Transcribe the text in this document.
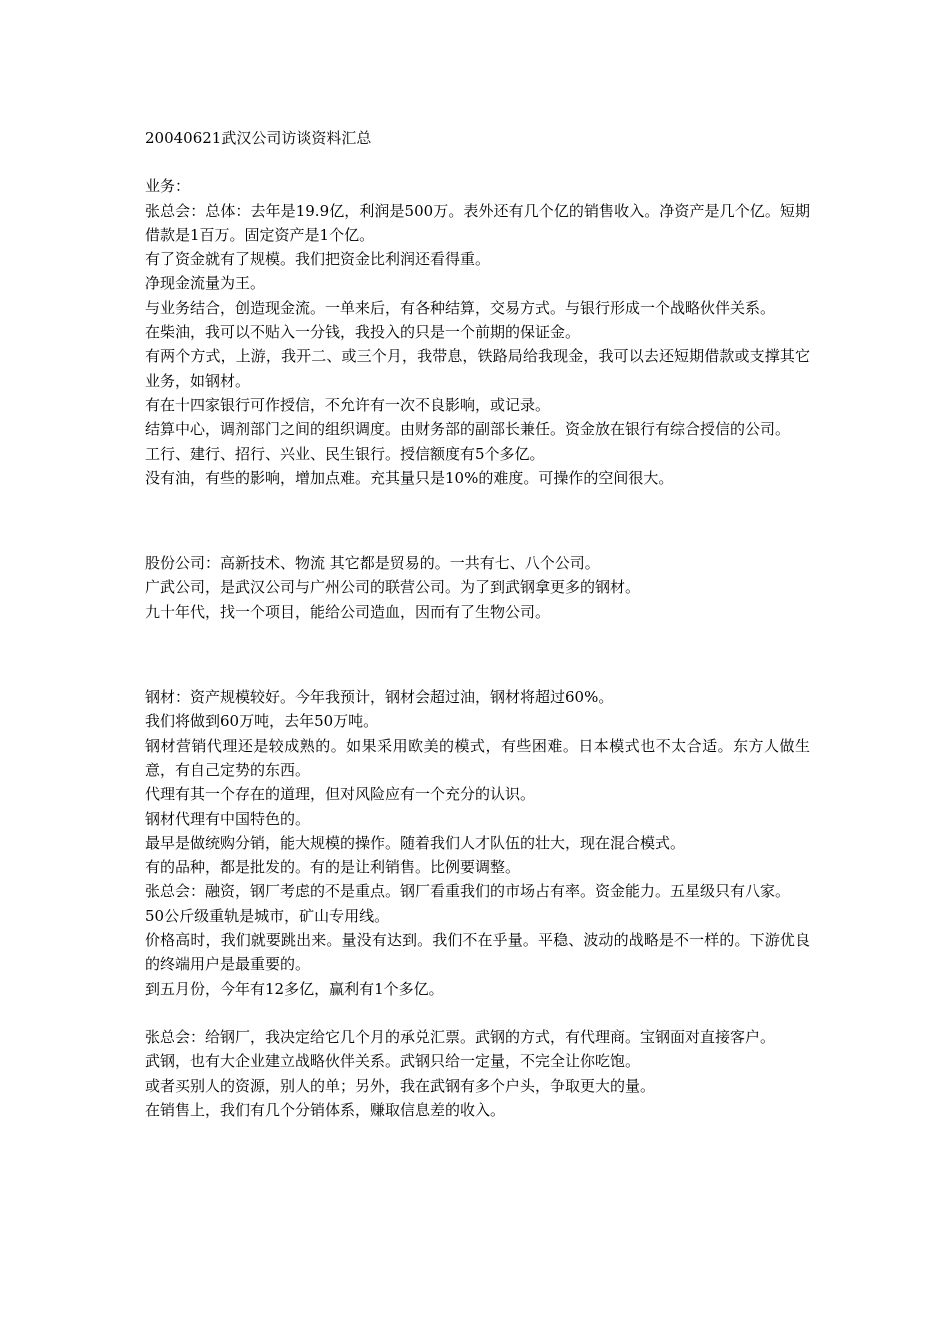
20040621武汉公司访谈资料汇总

业务：

张总会：总体：去年是19.9亿，利润是500万。表外还有几个亿的销售收入。净资产是几个亿。短期借款是1百万。固定资产是1个亿。

有了资金就有了规模。我们把资金比利润还看得重。

净现金流量为王。

与业务结合，创造现金流。一单来后，有各种结算，交易方式。与银行形成一个战略伙伴关系。

在柴油，我可以不贴入一分钱，我投入的只是一个前期的保证金。

有两个方式，上游，我开二、或三个月，我带息，铁路局给我现金，我可以去还短期借款或支撑其它业务，如钢材。

有在十四家银行可作授信，不允许有一次不良影响，或记录。

结算中心，调剂部门之间的组织调度。由财务部的副部长兼任。资金放在银行有综合授信的公司。

工行、建行、招行、兴业、民生银行。授信额度有5个多亿。

没有油，有些的影响，增加点难。充其量只是10%的难度。可操作的空间很大。

股份公司：高新技术、物流 其它都是贸易的。一共有七、八个公司。

广武公司，是武汉公司与广州公司的联营公司。为了到武钢拿更多的钢材。

九十年代，找一个项目，能给公司造血，因而有了生物公司。

钢材：资产规模较好。今年我预计，钢材会超过油，钢材将超过60%。

我们将做到60万吨，去年50万吨。

钢材营销代理还是较成熟的。如果采用欧美的模式，有些困难。日本模式也不太合适。东方人做生意，有自己定势的东西。

代理有其一个存在的道理，但对风险应有一个充分的认识。

钢材代理有中国特色的。

最早是做统购分销，能大规模的操作。随着我们人才队伍的壮大，现在混合模式。

有的品种，都是批发的。有的是让利销售。比例要调整。

张总会：融资，钢厂考虑的不是重点。钢厂看重我们的市场占有率。资金能力。五星级只有八家。

50公斤级重轨是城市，矿山专用线。

价格高时，我们就要跳出来。量没有达到。我们不在乎量。平稳、波动的战略是不一样的。下游优良的终端用户是最重要的。

到五月份，今年有12多亿，赢利有1个多亿。

张总会：给钢厂，我决定给它几个月的承兑汇票。武钢的方式，有代理商。宝钢面对直接客户。

武钢，也有大企业建立战略伙伴关系。武钢只给一定量，不完全让你吃饱。

或者买别人的资源，别人的单；另外，我在武钢有多个户头，争取更大的量。

在销售上，我们有几个分销体系，赚取信息差的收入。
